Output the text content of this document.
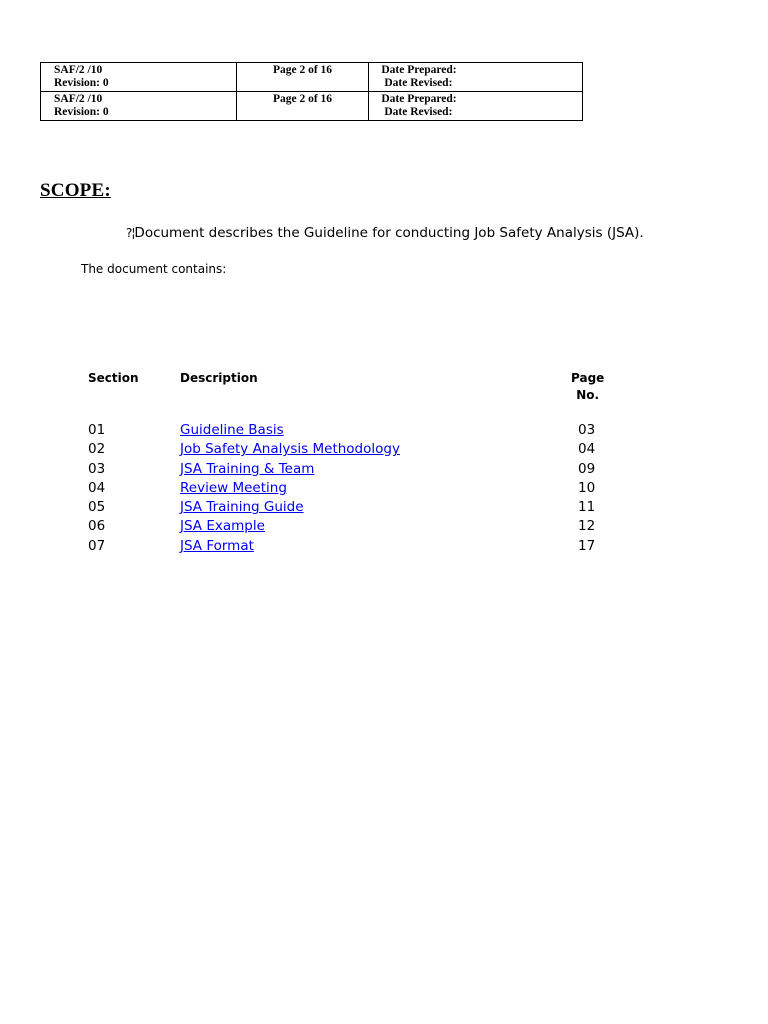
SAF/2 /10
Revision: 0	Page 2 of 16	Date Prepared:
Date Revised:

SAF/2 /10
Revision: 0	Page 2 of 16	Date Prepared:
Date Revised:
SCOPE:
?¦Document describes the Guideline for conducting Job Safety Analysis (JSA).
The document contains:
Section	Description	Page
No.
01	Guideline Basis	03
02	Job Safety Analysis Methodology	04
03	JSA Training & Team	09
04	Review Meeting	10
05	JSA Training Guide	11
06	JSA Example	12
07	JSA Format	17
